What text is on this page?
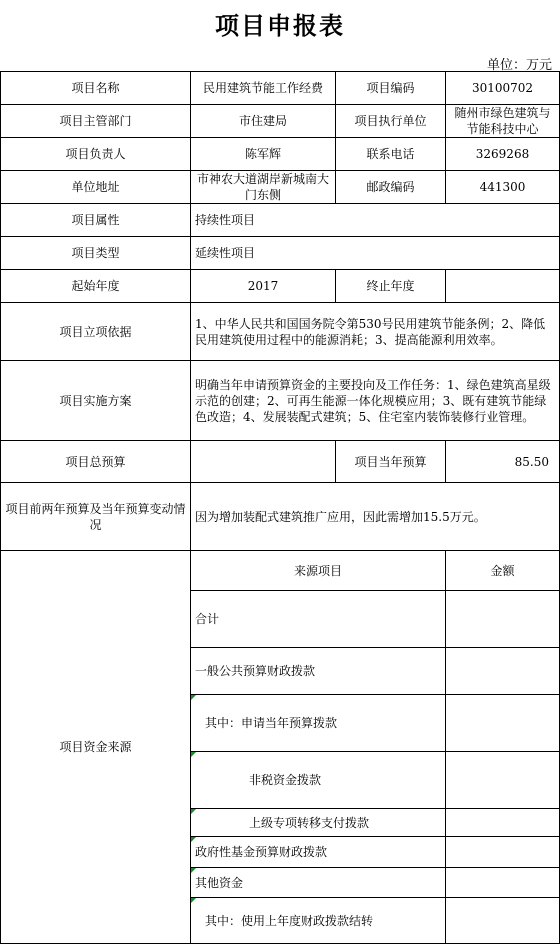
项目申报表
单位：万元
项目名称	民用建筑节能工作经费	项目编码	30100702
项目主管部门	市住建局	项目执行单位	随州市绿色建筑与节能科技中心
项目负责人	陈军辉	联系电话	3269268
单位地址	市神农大道湖岸新城南大门东侧	邮政编码	441300
项目属性	持续性项目		
项目类型	延续性项目		
起始年度	2017	终止年度	
项目立项依据	1、中华人民共和国国务院令第530号民用建筑节能条例；2、降低民用建筑使用过程中的能源消耗；3、提高能源利用效率。		
项目实施方案	明确当年申请预算资金的主要投向及工作任务：1、绿色建筑高星级示范的创建；2、可再生能源一体化规模应用；3、既有建筑节能绿色改造；4、发展装配式建筑；5、住宅室内装饰装修行业管理。		
项目总预算		项目当年预算	85.50
项目前两年预算及当年预算变动情况	因为增加装配式建筑推广应用，因此需增加15.5万元。		
项目资金来源	来源项目		金额
	合计		
	一般公共预算财政拨款		
	其中：申请当年预算拨款		
	非税资金拨款		
	上级专项转移支付拨款		
	政府性基金预算财政拨款		
	其他资金		
	其中：使用上年度财政拨款结转		
